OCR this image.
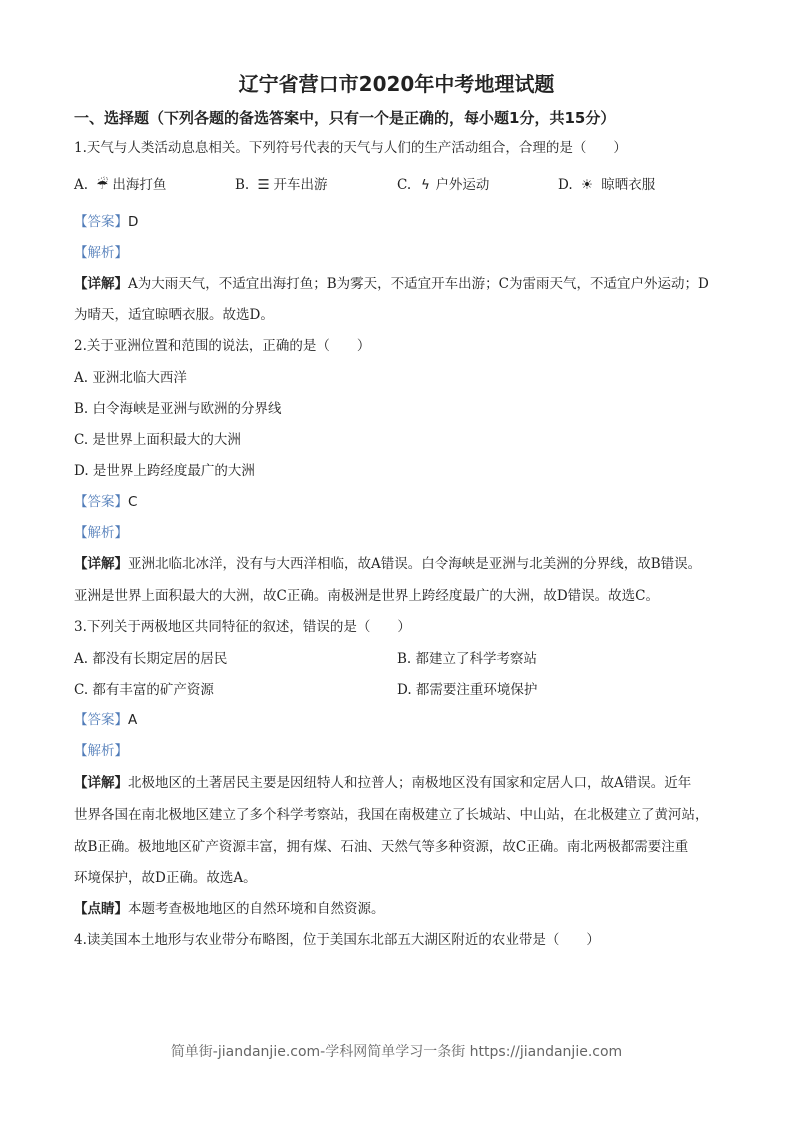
辽宁省营口市2020年中考地理试题
一、选择题（下列各题的备选答案中，只有一个是正确的，每小题1分，共15分）
1.天气与人类活动息息相关。下列符号代表的天气与人们的生产活动组合，合理的是（　　）
A. ☔ 出海打鱼	B. ☰ 开车出游	C. ϟ 户外运动	D. ☀ 晾晒衣服
【答案】D
【解析】
【详解】A为大雨天气，不适宜出海打鱼；B为雾天，不适宜开车出游；C为雷雨天气，不适宜户外运动；D
为晴天，适宜晾晒衣服。故选D。
2.关于亚洲位置和范围的说法，正确的是（　　）
A. 亚洲北临大西洋
B. 白令海峡是亚洲与欧洲的分界线
C. 是世界上面积最大的大洲
D. 是世界上跨经度最广的大洲
【答案】C
【解析】
【详解】亚洲北临北冰洋，没有与大西洋相临，故A错误。白令海峡是亚洲与北美洲的分界线，故B错误。
亚洲是世界上面积最大的大洲，故C正确。南极洲是世界上跨经度最广的大洲，故D错误。故选C。
3.下列关于两极地区共同特征的叙述，错误的是（　　）
A. 都没有长期定居的居民	B. 都建立了科学考察站
C. 都有丰富的矿产资源	D. 都需要注重环境保护
【答案】A
【解析】
【详解】北极地区的土著居民主要是因纽特人和拉普人；南极地区没有国家和定居人口，故A错误。近年
世界各国在南北极地区建立了多个科学考察站，我国在南极建立了长城站、中山站，在北极建立了黄河站，
故B正确。极地地区矿产资源丰富，拥有煤、石油、天然气等多种资源，故C正确。南北两极都需要注重
环境保护，故D正确。故选A。
【点睛】本题考查极地地区的自然环境和自然资源。
4.读美国本土地形与农业带分布略图，位于美国东北部五大湖区附近的农业带是（　　）
简单街-jiandanjie.com-学科网简单学习一条街 https://jiandanjie.com
